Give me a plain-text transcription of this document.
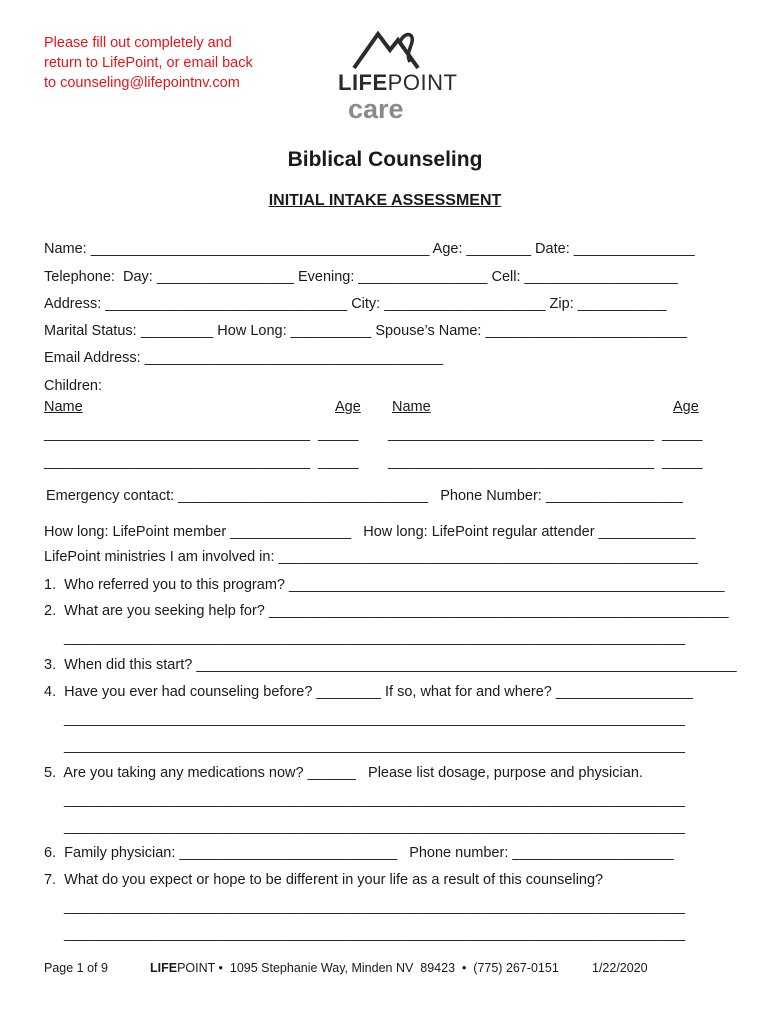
Please fill out completely and
return to LifePoint, or email back
to counseling@lifepointnv.com

	LIFEPOINT

care

Biblical Counseling
INITIAL INTAKE ASSESSMENT
Name: __________________________________________ Age: ________ Date: _______________
Telephone:  Day: _________________ Evening: ________________ Cell: ___________________
Address: ______________________________ City: ____________________ Zip: ___________
Marital Status: _________ How Long: __________ Spouse’s Name: _________________________
Email Address: _____________________________________
Children:
Name	Age Name	Age
_________________________________  _____ _________________________________  _____
_________________________________  _____ _________________________________  _____
Emergency contact: _______________________________   Phone Number: _________________
How long: LifePoint member _______________   How long: LifePoint regular attender ____________
LifePoint ministries I am involved in: ____________________________________________________
1.  Who referred you to this program? ______________________________________________________
2.  What are you seeking help for? _________________________________________________________
_____________________________________________________________________________
3.  When did this start? ___________________________________________________________________
4.  Have you ever had counseling before? ________ If so, what for and where? _________________
_____________________________________________________________________________
_____________________________________________________________________________
5.  Are you taking any medications now? ______   Please list dosage, purpose and physician.
_____________________________________________________________________________
_____________________________________________________________________________
6.  Family physician: ___________________________   Phone number: ____________________
7.  What do you expect or hope to be different in your life as a result of this counseling?
_____________________________________________________________________________
_____________________________________________________________________________
Page 1 of 9	LIFEPOINT •  1095 Stephanie Way, Minden NV  89423  •  (775) 267-0151	1/22/2020
